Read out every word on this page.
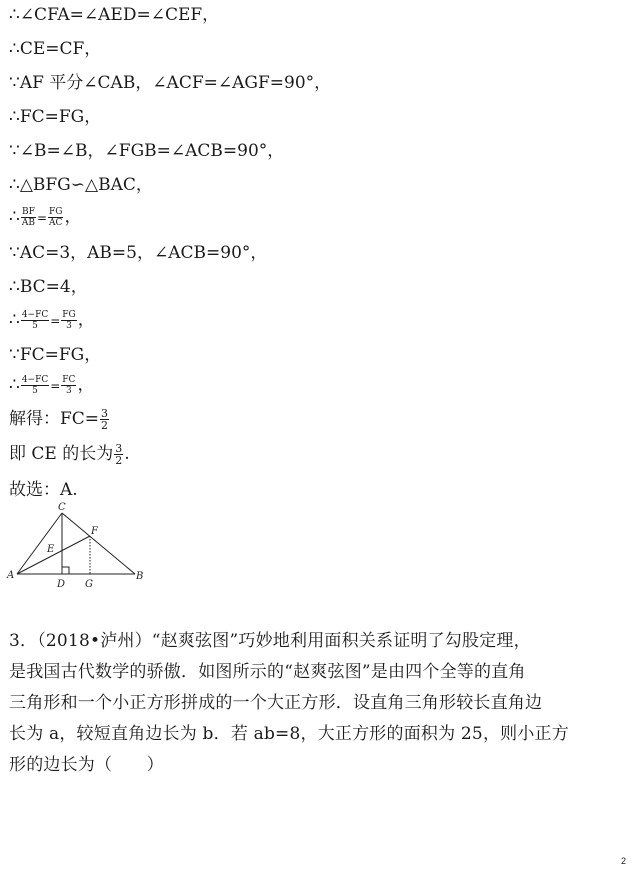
∴∠CFA=∠AED=∠CEF，
∴CE=CF，
∵AF 平分∠CAB，∠ACF=∠AGF=90°，
∴FC=FG，
∵∠B=∠B，∠FGB=∠ACB=90°，
∴△BFG∽△BAC，
∴ $\frac{BF}{AB} = \frac{FG}{AC}$ ，
∵AC=3，AB=5，∠ACB=90°，
∴BC=4，
∴ $\frac{4-FC}{5} = \frac{FG}{3}$ ，
∵FC=FG，
∴ $\frac{4-FC}{5} = \frac{FC}{3}$ ，
解得：$FC= \frac{3}{2}$
即 CE 的长为 $\frac{3}{2}$ .
故选：A.
C
F
E
A	B
D G
3．（2018•泸州）“赵爽弦图”巧妙地利用面积关系证明了勾股定理，
是我国古代数学的骄傲．如图所示的“赵爽弦图”是由四个全等的直角
三角形和一个小正方形拼成的一个大正方形．设直角三角形较长直角边
长为 a，较短直角边长为 b．若 ab=8，大正方形的面积为 25，则小正方
形的边长为（　　）
2
